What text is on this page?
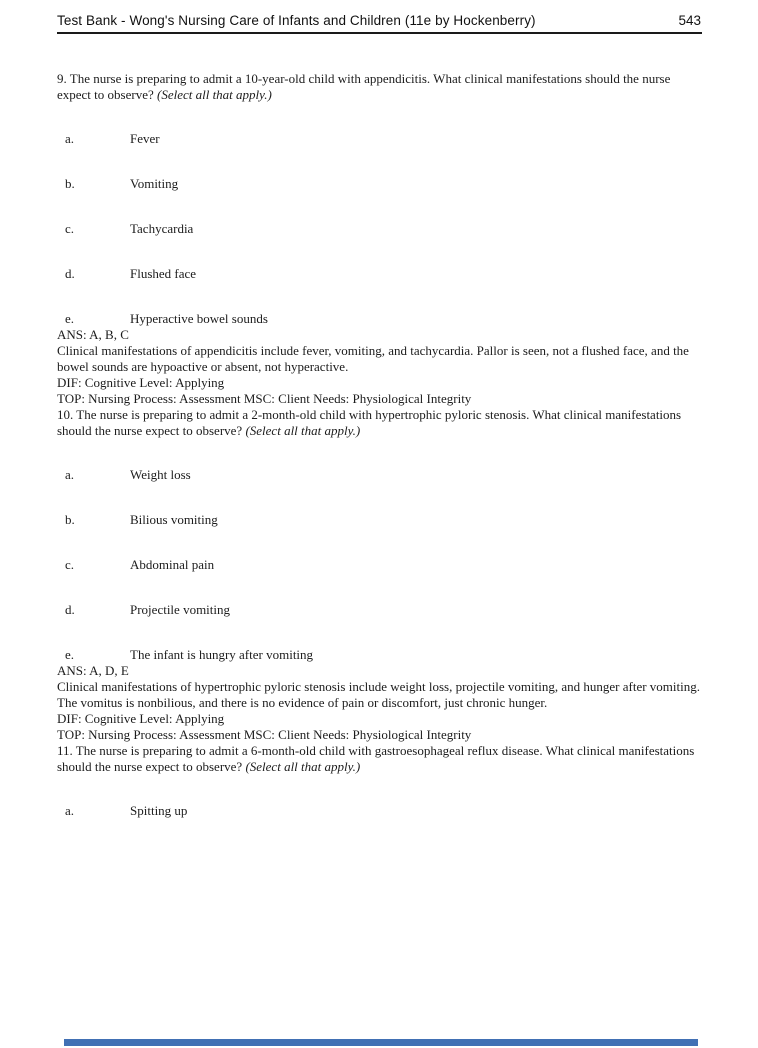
Test Bank - Wong's Nursing Care of Infants and Children (11e by Hockenberry)	543

9. The nurse is preparing to admit a 10-year-old child with appendicitis. What clinical manifestations should the nurse expect to observe? (Select all that apply.)

a.	Fever
b.	Vomiting
c.	Tachycardia
d.	Flushed face
e.	Hyperactive bowel sounds

ANS: A, B, C

Clinical manifestations of appendicitis include fever, vomiting, and tachycardia. Pallor is seen, not a flushed face, and the bowel sounds are hypoactive or absent, not hyperactive.

DIF: Cognitive Level: Applying

TOP: Nursing Process: Assessment MSC: Client Needs: Physiological Integrity

10. The nurse is preparing to admit a 2-month-old child with hypertrophic pyloric stenosis. What clinical manifestations should the nurse expect to observe? (Select all that apply.)

a.	Weight loss
b.	Bilious vomiting
c.	Abdominal pain
d.	Projectile vomiting
e.	The infant is hungry after vomiting

ANS: A, D, E

Clinical manifestations of hypertrophic pyloric stenosis include weight loss, projectile vomiting, and hunger after vomiting. The vomitus is nonbilious, and there is no evidence of pain or discomfort, just chronic hunger.

DIF: Cognitive Level: Applying

TOP: Nursing Process: Assessment MSC: Client Needs: Physiological Integrity

11. The nurse is preparing to admit a 6-month-old child with gastroesophageal reflux disease. What clinical manifestations should the nurse expect to observe? (Select all that apply.)

a.	Spitting up
